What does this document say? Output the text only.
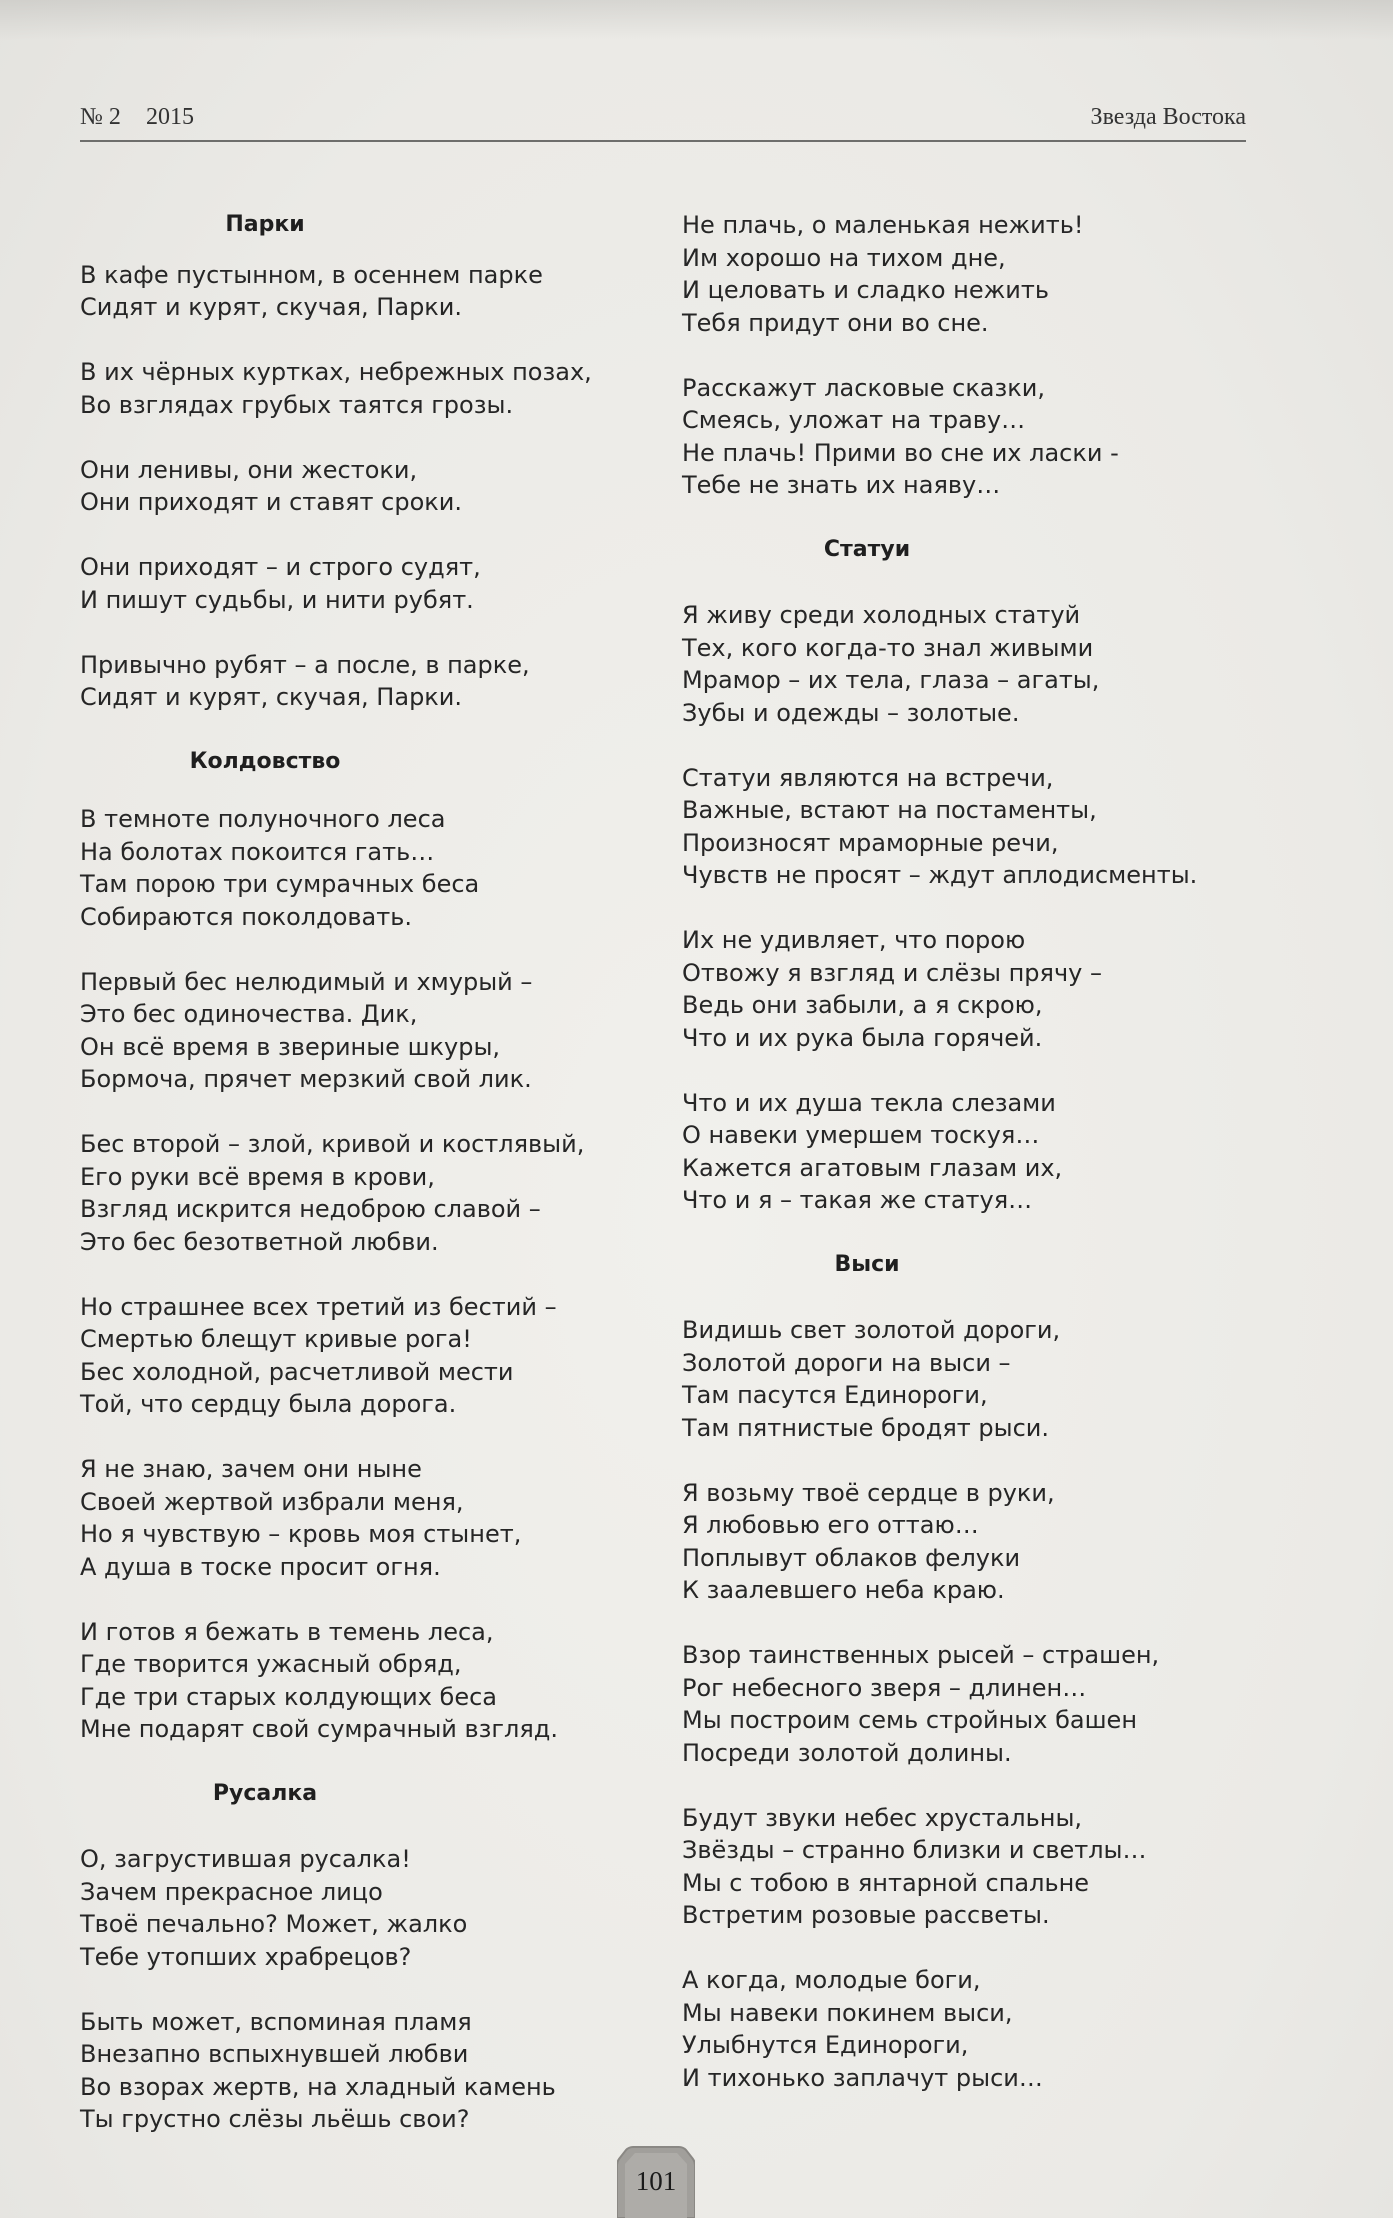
№ 2 2015	Звезда Востока
Парки
В кафе пустынном, в осеннем парке
Сидят и курят, скучая, Парки.
В их чёрных куртках, небрежных позах,
Во взглядах грубых таятся грозы.
Они ленивы, они жестоки,
Они приходят и ставят сроки.
Они приходят – и строго судят,
И пишут судьбы, и нити рубят.
Привычно рубят – а после, в парке,
Сидят и курят, скучая, Парки.
Колдовство
В темноте полуночного леса
На болотах покоится гать…
Там порою три сумрачных беса
Собираются поколдовать.
Первый бес нелюдимый и хмурый –
Это бес одиночества. Дик,
Он всё время в звериные шкуры,
Бормоча, прячет мерзкий свой лик.
Бес второй – злой, кривой и костлявый,
Его руки всё время в крови,
Взгляд искрится недоброю славой –
Это бес безответной любви.
Но страшнее всех третий из бестий –
Смертью блещут кривые рога!
Бес холодной, расчетливой мести
Той, что сердцу была дорога.
Я не знаю, зачем они ныне
Своей жертвой избрали меня,
Но я чувствую – кровь моя стынет,
А душа в тоске просит огня.
И готов я бежать в темень леса,
Где творится ужасный обряд,
Где три старых колдующих беса
Мне подарят свой сумрачный взгляд.
Русалка
О, загрустившая русалка!
Зачем прекрасное лицо
Твоё печально? Может, жалко
Тебе утопших храбрецов?
Быть может, вспоминая пламя
Внезапно вспыхнувшей любви
Во взорах жертв, на хладный камень
Ты грустно слёзы льёшь свои?
Не плачь, о маленькая нежить!
Им хорошо на тихом дне,
И целовать и сладко нежить
Тебя придут они во сне.
Расскажут ласковые сказки,
Смеясь, уложат на траву…
Не плачь! Прими во сне их ласки -
Тебе не знать их наяву…
Статуи
Я живу среди холодных статуй
Тех, кого когда-то знал живыми
Мрамор – их тела, глаза – агаты,
Зубы и одежды – золотые.
Статуи являются на встречи,
Важные, встают на постаменты,
Произносят мраморные речи,
Чувств не просят – ждут аплодисменты.
Их не удивляет, что порою
Отвожу я взгляд и слёзы прячу –
Ведь они забыли, а я скрою,
Что и их рука была горячей.
Что и их душа текла слезами
О навеки умершем тоскуя…
Кажется агатовым глазам их,
Что и я – такая же статуя…
Выси
Видишь свет золотой дороги,
Золотой дороги на выси –
Там пасутся Единороги,
Там пятнистые бродят рыси.
Я возьму твоё сердце в руки,
Я любовью его оттаю…
Поплывут облаков фелуки
К заалевшего неба краю.
Взор таинственных рысей – страшен,
Рог небесного зверя – длинен…
Мы построим семь стройных башен
Посреди золотой долины.
Будут звуки небес хрустальны,
Звёзды – странно близки и светлы…
Мы с тобою в янтарной спальне
Встретим розовые рассветы.
А когда, молодые боги,
Мы навеки покинем выси,
Улыбнутся Единороги,
И тихонько заплачут рыси…
101
